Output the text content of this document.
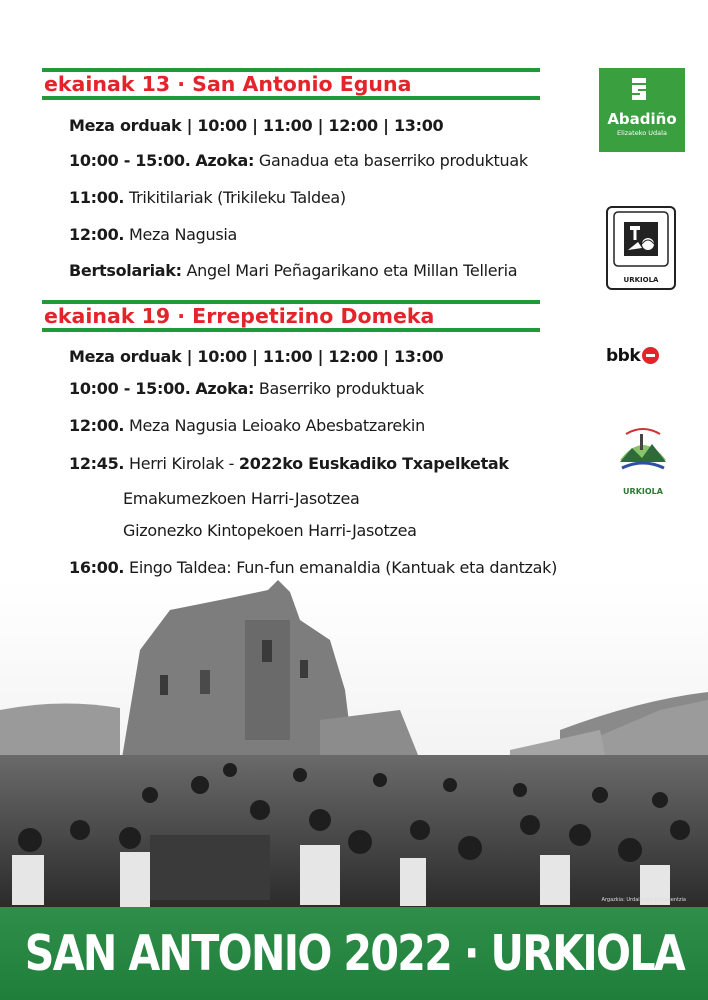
ekainak 13 · San Antonio Eguna
Meza orduak | 10:00 | 11:00 | 12:00 | 13:00
10:00 - 15:00. Azoka: Ganadua eta baserriko produktuak
11:00. Trikitilariak (Trikileku Taldea)
12:00. Meza Nagusia
Bertsolariak: Angel Mari Peñagarikano eta Millan Telleria
ekainak 19 · Errepetizino Domeka
Meza orduak | 10:00 | 11:00 | 12:00 | 13:00
10:00 - 15:00. Azoka: Baserriko produktuak
12:00. Meza Nagusia Leioako Abesbatzarekin
12:45. Herri Kirolak - 2022ko Euskadiko Txapelketak
Emakumezkoen Harri-Jasotzea
Gizonezko Kintopekoen Harri-Jasotzea
16:00. Eingo Taldea: Fun-fun emanaldia (Kantuak eta dantzak)
Abadiño
Elizateko Udala
URKIOLA
bbk
URKIOLA
Argazkia: Urdaibaiko fotoagentzia
SAN ANTONIO 2022 · URKIOLA
